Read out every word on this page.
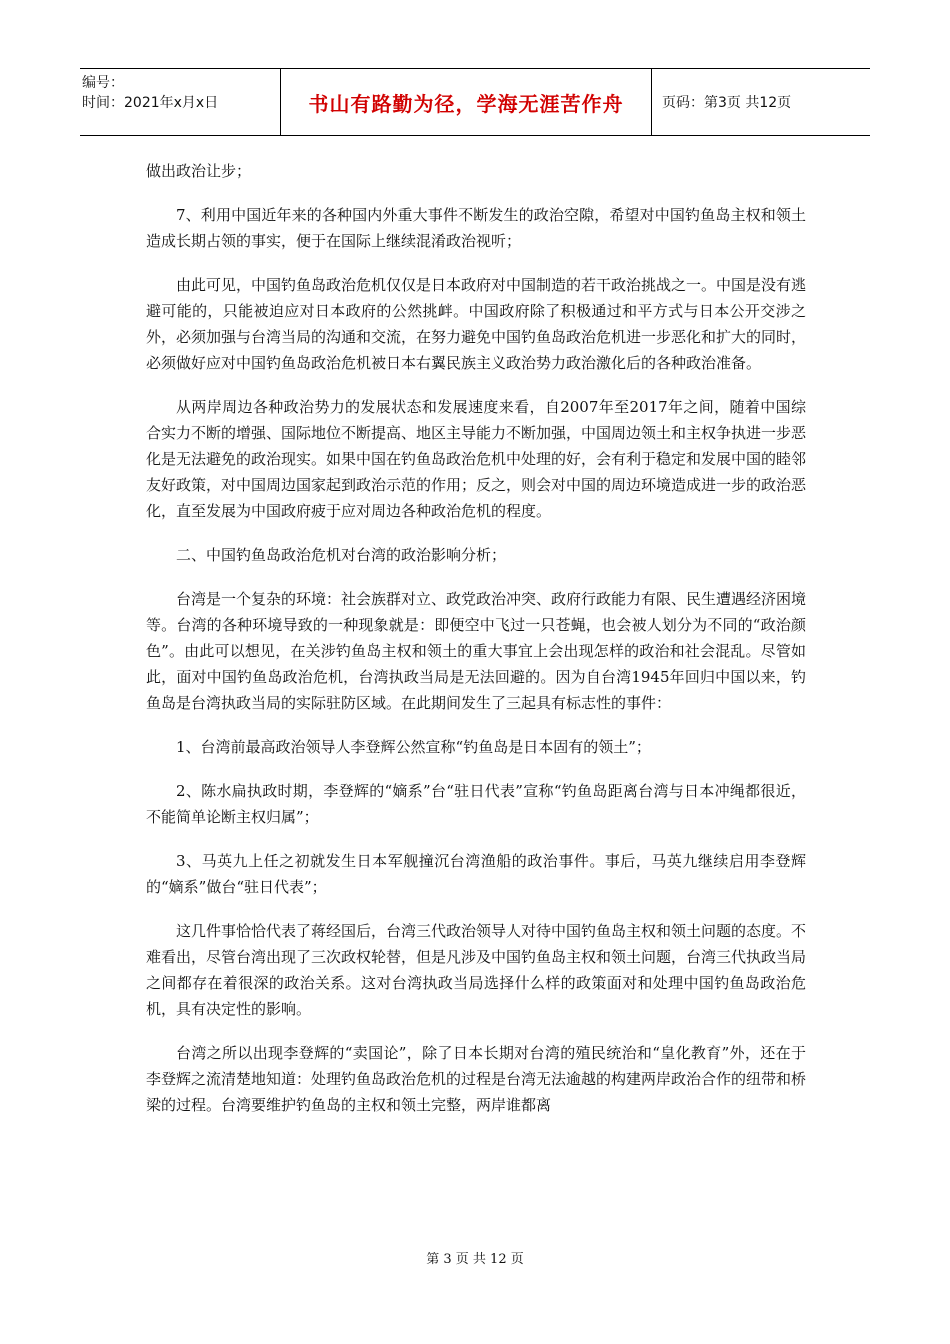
编号：
时间：2021年x月x日	书山有路勤为径，学海无涯苦作舟	页码：第3页 共12页

做出政治让步；

7、利用中国近年来的各种国内外重大事件不断发生的政治空隙，希望对中国钓鱼岛主权和领土造成长期占领的事实，便于在国际上继续混淆政治视听；

由此可见，中国钓鱼岛政治危机仅仅是日本政府对中国制造的若干政治挑战之一。中国是没有逃避可能的，只能被迫应对日本政府的公然挑衅。中国政府除了积极通过和平方式与日本公开交涉之外，必须加强与台湾当局的沟通和交流，在努力避免中国钓鱼岛政治危机进一步恶化和扩大的同时，必须做好应对中国钓鱼岛政治危机被日本右翼民族主义政治势力政治激化后的各种政治准备。

从两岸周边各种政治势力的发展状态和发展速度来看，自2007年至2017年之间，随着中国综合实力不断的增强、国际地位不断提高、地区主导能力不断加强，中国周边领土和主权争执进一步恶化是无法避免的政治现实。如果中国在钓鱼岛政治危机中处理的好，会有利于稳定和发展中国的睦邻友好政策，对中国周边国家起到政治示范的作用；反之，则会对中国的周边环境造成进一步的政治恶化，直至发展为中国政府疲于应对周边各种政治危机的程度。

二、中国钓鱼岛政治危机对台湾的政治影响分析；

台湾是一个复杂的环境：社会族群对立、政党政治冲突、政府行政能力有限、民生遭遇经济困境等。台湾的各种环境导致的一种现象就是：即便空中飞过一只苍蝇，也会被人划分为不同的“政治颜色”。由此可以想见，在关涉钓鱼岛主权和领土的重大事宜上会出现怎样的政治和社会混乱。尽管如此，面对中国钓鱼岛政治危机，台湾执政当局是无法回避的。因为自台湾1945年回归中国以来，钓鱼岛是台湾执政当局的实际驻防区域。在此期间发生了三起具有标志性的事件：

1、台湾前最高政治领导人李登辉公然宣称“钓鱼岛是日本固有的领土”；

2、陈水扁执政时期，李登辉的“嫡系”台“驻日代表”宣称“钓鱼岛距离台湾与日本冲绳都很近，不能简单论断主权归属”；

3、马英九上任之初就发生日本军舰撞沉台湾渔船的政治事件。事后，马英九继续启用李登辉的“嫡系”做台“驻日代表”；

这几件事恰恰代表了蒋经国后，台湾三代政治领导人对待中国钓鱼岛主权和领土问题的态度。不难看出，尽管台湾出现了三次政权轮替，但是凡涉及中国钓鱼岛主权和领土问题，台湾三代执政当局之间都存在着很深的政治关系。这对台湾执政当局选择什么样的政策面对和处理中国钓鱼岛政治危机，具有决定性的影响。

台湾之所以出现李登辉的“卖国论”，除了日本长期对台湾的殖民统治和“皇化教育”外，还在于李登辉之流清楚地知道：处理钓鱼岛政治危机的过程是台湾无法逾越的构建两岸政治合作的纽带和桥梁的过程。台湾要维护钓鱼岛的主权和领土完整，两岸谁都离

第 3 页 共 12 页
